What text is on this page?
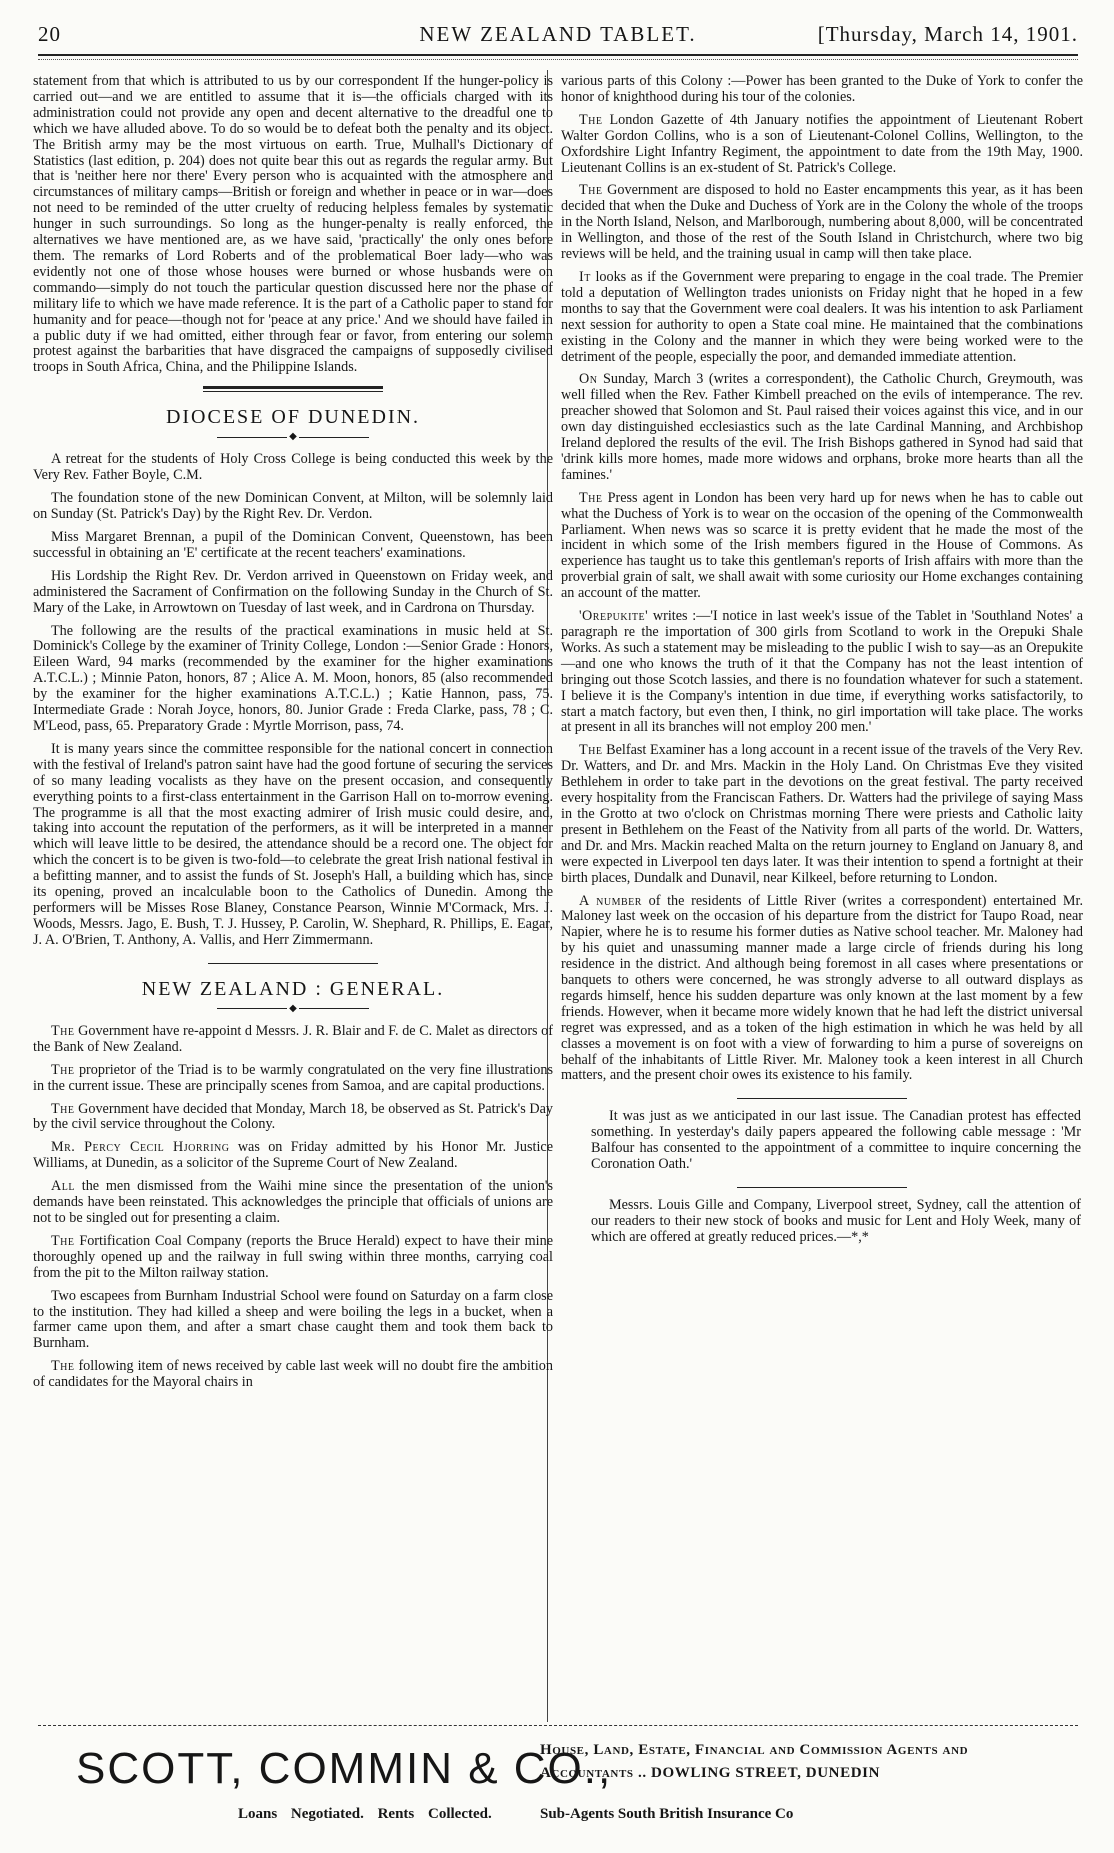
20	NEW ZEALAND TABLET.	[Thursday, March 14, 1901.

statement from that which is attributed to us by our correspondent If the hunger-policy is carried out—and we are entitled to assume that it is—the officials charged with its administration could not provide any open and decent alternative to the dreadful one to which we have alluded above. To do so would be to defeat both the penalty and its object. The British army may be the most virtuous on earth. True, Mulhall's Dictionary of Statistics (last edition, p. 204) does not quite bear this out as regards the regular army. But that is 'neither here nor there' Every person who is acquainted with the atmosphere and circumstances of military camps—British or foreign and whether in peace or in war—does not need to be reminded of the utter cruelty of reducing helpless females by systematic hunger in such surroundings. So long as the hunger-penalty is really enforced, the alternatives we have mentioned are, as we have said, 'practically' the only ones before them. The remarks of Lord Roberts and of the problematical Boer lady—who was evidently not one of those whose houses were burned or whose husbands were on commando—simply do not touch the particular question discussed here nor the phase of military life to which we have made reference. It is the part of a Catholic paper to stand for humanity and for peace—though not for 'peace at any price.' And we should have failed in a public duty if we had omitted, either through fear or favor, from entering our solemn protest against the barbarities that have disgraced the campaigns of supposedly civilised troops in South Africa, China, and the Philippine Islands.

DIOCESE OF DUNEDIN.
◆

A retreat for the students of Holy Cross College is being conducted this week by the Very Rev. Father Boyle, C.M.

The foundation stone of the new Dominican Convent, at Milton, will be solemnly laid on Sunday (St. Patrick's Day) by the Right Rev. Dr. Verdon.

Miss Margaret Brennan, a pupil of the Dominican Convent, Queenstown, has been successful in obtaining an 'E' certificate at the recent teachers' examinations.

His Lordship the Right Rev. Dr. Verdon arrived in Queenstown on Friday week, and administered the Sacrament of Confirmation on the following Sunday in the Church of St. Mary of the Lake, in Arrowtown on Tuesday of last week, and in Cardrona on Thursday.

The following are the results of the practical examinations in music held at St. Dominick's College by the examiner of Trinity College, London :—Senior Grade : Honors, Eileen Ward, 94 marks (recommended by the examiner for the higher examinations A.T.C.L.) ; Minnie Paton, honors, 87 ; Alice A. M. Moon, honors, 85 (also recommended by the examiner for the higher examinations A.T.C.L.) ; Katie Hannon, pass, 75. Intermediate Grade : Norah Joyce, honors, 80. Junior Grade : Freda Clarke, pass, 78 ; C. M'Leod, pass, 65. Preparatory Grade : Myrtle Morrison, pass, 74.

It is many years since the committee responsible for the national concert in connection with the festival of Ireland's patron saint have had the good fortune of securing the services of so many leading vocalists as they have on the present occasion, and consequently everything points to a first-class entertainment in the Garrison Hall on to-morrow evening. The programme is all that the most exacting admirer of Irish music could desire, and, taking into account the reputation of the performers, as it will be interpreted in a manner which will leave little to be desired, the attendance should be a record one. The object for which the concert is to be given is two-fold—to celebrate the great Irish national festival in a befitting manner, and to assist the funds of St. Joseph's Hall, a building which has, since its opening, proved an incalculable boon to the Catholics of Dunedin. Among the performers will be Misses Rose Blaney, Constance Pearson, Winnie M'Cormack, Mrs. J. Woods, Messrs. Jago, E. Bush, T. J. Hussey, P. Carolin, W. Shephard, R. Phillips, E. Eagar, J. A. O'Brien, T. Anthony, A. Vallis, and Herr Zimmermann.

NEW ZEALAND : GENERAL.
◆

The Government have re-appoint d Messrs. J. R. Blair and F. de C. Malet as directors of the Bank of New Zealand.

The proprietor of the Triad is to be warmly congratulated on the very fine illustrations in the current issue. These are principally scenes from Samoa, and are capital productions.

The Government have decided that Monday, March 18, be observed as St. Patrick's Day by the civil service throughout the Colony.

Mr. Percy Cecil Hjorring was on Friday admitted by his Honor Mr. Justice Williams, at Dunedin, as a solicitor of the Supreme Court of New Zealand.

All the men dismissed from the Waihi mine since the presentation of the union's demands have been reinstated. This acknowledges the principle that officials of unions are not to be singled out for presenting a claim.

The Fortification Coal Company (reports the Bruce Herald) expect to have their mine thoroughly opened up and the railway in full swing within three months, carrying coal from the pit to the Milton railway station.

Two escapees from Burnham Industrial School were found on Saturday on a farm close to the institution. They had killed a sheep and were boiling the legs in a bucket, when a farmer came upon them, and after a smart chase caught them and took them back to Burnham.

The following item of news received by cable last week will no doubt fire the ambition of candidates for the Mayoral chairs in

various parts of this Colony :—Power has been granted to the Duke of York to confer the honor of knighthood during his tour of the colonies.

The London Gazette of 4th January notifies the appointment of Lieutenant Robert Walter Gordon Collins, who is a son of Lieutenant-Colonel Collins, Wellington, to the Oxfordshire Light Infantry Regiment, the appointment to date from the 19th May, 1900. Lieutenant Collins is an ex-student of St. Patrick's College.

The Government are disposed to hold no Easter encampments this year, as it has been decided that when the Duke and Duchess of York are in the Colony the whole of the troops in the North Island, Nelson, and Marlborough, numbering about 8,000, will be concentrated in Wellington, and those of the rest of the South Island in Christchurch, where two big reviews will be held, and the training usual in camp will then take place.

It looks as if the Government were preparing to engage in the coal trade. The Premier told a deputation of Wellington trades unionists on Friday night that he hoped in a few months to say that the Government were coal dealers. It was his intention to ask Parliament next session for authority to open a State coal mine. He maintained that the combinations existing in the Colony and the manner in which they were being worked were to the detriment of the people, especially the poor, and demanded immediate attention.

On Sunday, March 3 (writes a correspondent), the Catholic Church, Greymouth, was well filled when the Rev. Father Kimbell preached on the evils of intemperance. The rev. preacher showed that Solomon and St. Paul raised their voices against this vice, and in our own day distinguished ecclesiastics such as the late Cardinal Manning, and Archbishop Ireland deplored the results of the evil. The Irish Bishops gathered in Synod had said that 'drink kills more homes, made more widows and orphans, broke more hearts than all the famines.'

The Press agent in London has been very hard up for news when he has to cable out what the Duchess of York is to wear on the occasion of the opening of the Commonwealth Parliament. When news was so scarce it is pretty evident that he made the most of the incident in which some of the Irish members figured in the House of Commons. As experience has taught us to take this gentleman's reports of Irish affairs with more than the proverbial grain of salt, we shall await with some curiosity our Home exchanges containing an account of the matter.

'Orepukite' writes :—'I notice in last week's issue of the Tablet in 'Southland Notes' a paragraph re the importation of 300 girls from Scotland to work in the Orepuki Shale Works. As such a statement may be misleading to the public I wish to say—as an Orepukite—and one who knows the truth of it that the Company has not the least intention of bringing out those Scotch lassies, and there is no foundation whatever for such a statement. I believe it is the Company's intention in due time, if everything works satisfactorily, to start a match factory, but even then, I think, no girl importation will take place. The works at present in all its branches will not employ 200 men.'

The Belfast Examiner has a long account in a recent issue of the travels of the Very Rev. Dr. Watters, and Dr. and Mrs. Mackin in the Holy Land. On Christmas Eve they visited Bethlehem in order to take part in the devotions on the great festival. The party received every hospitality from the Franciscan Fathers. Dr. Watters had the privilege of saying Mass in the Grotto at two o'clock on Christmas morning There were priests and Catholic laity present in Bethlehem on the Feast of the Nativity from all parts of the world. Dr. Watters, and Dr. and Mrs. Mackin reached Malta on the return journey to England on January 8, and were expected in Liverpool ten days later. It was their intention to spend a fortnight at their birth places, Dundalk and Dunavil, near Kilkeel, before returning to London.

A number of the residents of Little River (writes a correspondent) entertained Mr. Maloney last week on the occasion of his departure from the district for Taupo Road, near Napier, where he is to resume his former duties as Native school teacher. Mr. Maloney had by his quiet and unassuming manner made a large circle of friends during his long residence in the district. And although being foremost in all cases where presentations or banquets to others were concerned, he was strongly adverse to all outward displays as regards himself, hence his sudden departure was only known at the last moment by a few friends. However, when it became more widely known that he had left the district universal regret was expressed, and as a token of the high estimation in which he was held by all classes a movement is on foot with a view of forwarding to him a purse of sovereigns on behalf of the inhabitants of Little River. Mr. Maloney took a keen interest in all Church matters, and the present choir owes its existence to his family.

It was just as we anticipated in our last issue. The Canadian protest has effected something. In yesterday's daily papers appeared the following cable message : 'Mr Balfour has consented to the appointment of a committee to inquire concerning the Coronation Oath.'

Messrs. Louis Gille and Company, Liverpool street, Sydney, call the attention of our readers to their new stock of books and music for Lent and Holy Week, many of which are offered at greatly reduced prices.—*,*

SCOTT, COMMIN & CO.,
Loans Negotiated. Rents Collected.
House, Land, Estate, Financial and Commission Agents and
Accountants .. DOWLING STREET, DUNEDIN
Sub-Agents South British Insurance Co
